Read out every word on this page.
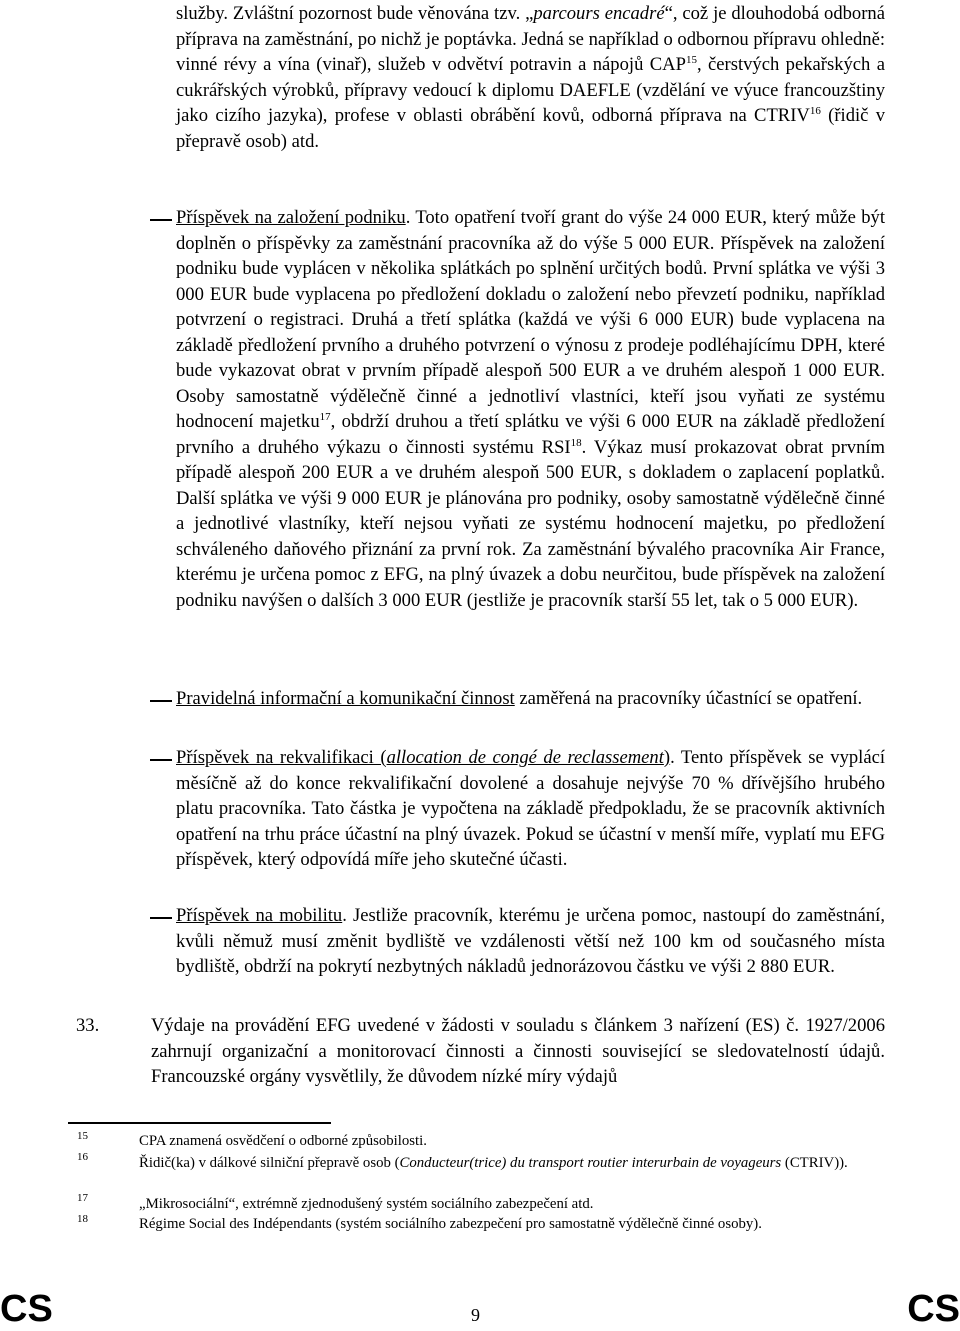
služby. Zvláštní pozornost bude věnována tzv. „parcours encadré“, což je dlouhodobá odborná příprava na zaměstnání, po nichž je poptávka. Jedná se například o odbornou přípravu ohledně: vinné révy a vína (vinař), služeb v odvětví potravin a nápojů CAP$^{15}$, čerstvých pekařských a cukrářských výrobků, přípravy vedoucí k diplomu DAEFLE (vzdělání ve výuce francouzštiny jako cizího jazyka), profese v oblasti obrábění kovů, odborná příprava na CTRIV$^{16}$ (řidič v přepravě osob) atd.

Příspěvek na založení podniku. Toto opatření tvoří grant do výše 24 000 EUR, který může být doplněn o příspěvky za zaměstnání pracovníka až do výše 5 000 EUR. Příspěvek na založení podniku bude vyplácen v několika splátkách po splnění určitých bodů. První splátka ve výši 3 000 EUR bude vyplacena po předložení dokladu o založení nebo převzetí podniku, například potvrzení o registraci. Druhá a třetí splátka (každá ve výši 6 000 EUR) bude vyplacena na základě předložení prvního a druhého potvrzení o výnosu z prodeje podléhajícímu DPH, které bude vykazovat obrat v prvním případě alespoň 500 EUR a ve druhém alespoň 1 000 EUR. Osoby samostatně výdělečně činné a jednotliví vlastníci, kteří jsou vyňati ze systému hodnocení majetku$^{17}$, obdrží druhou a třetí splátku ve výši 6 000 EUR na základě předložení prvního a druhého výkazu o činnosti systému RSI$^{18}$. Výkaz musí prokazovat obrat prvním případě alespoň 200 EUR a ve druhém alespoň 500 EUR, s dokladem o zaplacení poplatků. Další splátka ve výši 9 000 EUR je plánována pro podniky, osoby samostatně výdělečně činné a jednotlivé vlastníky, kteří nejsou vyňati ze systému hodnocení majetku, po předložení schváleného daňového přiznání za první rok. Za zaměstnání bývalého pracovníka Air France, kterému je určena pomoc z EFG, na plný úvazek a dobu neurčitou, bude příspěvek na založení podniku navýšen o dalších 3 000 EUR (jestliže je pracovník starší 55 let, tak o 5 000 EUR).

Pravidelná informační a komunikační činnost zaměřená na pracovníky účastnící se opatření.

Příspěvek na rekvalifikaci (allocation de congé de reclassement). Tento příspěvek se vyplácí měsíčně až do konce rekvalifikační dovolené a dosahuje nejvýše 70 % dřívějšího hrubého platu pracovníka. Tato částka je vypočtena na základě předpokladu, že se pracovník aktivních opatření na trhu práce účastní na plný úvazek. Pokud se účastní v menší míře, vyplatí mu EFG příspěvek, který odpovídá míře jeho skutečné účasti.

Příspěvek na mobilitu. Jestliže pracovník, kterému je určena pomoc, nastoupí do zaměstnání, kvůli němuž musí změnit bydliště ve vzdálenosti větší než 100 km od současného místa bydliště, obdrží na pokrytí nezbytných nákladů jednorázovou částku ve výši 2 880 EUR.

33.	Výdaje na provádění EFG uvedené v žádosti v souladu s článkem 3 nařízení (ES) č. 1927/2006 zahrnují organizační a monitorovací činnosti a činnosti související se sledovatelností údajů. Francouzské orgány vysvětlily, že důvodem nízké míry výdajů

15	CPA znamená osvědčení o odborné způsobilosti.

16	Řidič(ka) v dálkové silniční přepravě osob (Conducteur(trice) du transport routier interurbain de voyageurs (CTRIV)).

17	„Mikrosociální“, extrémně zjednodušený systém sociálního zabezpečení atd.

18	Régime Social des Indépendants (systém sociálního zabezpečení pro samostatně výdělečně činné osoby).

CS	9	CS
